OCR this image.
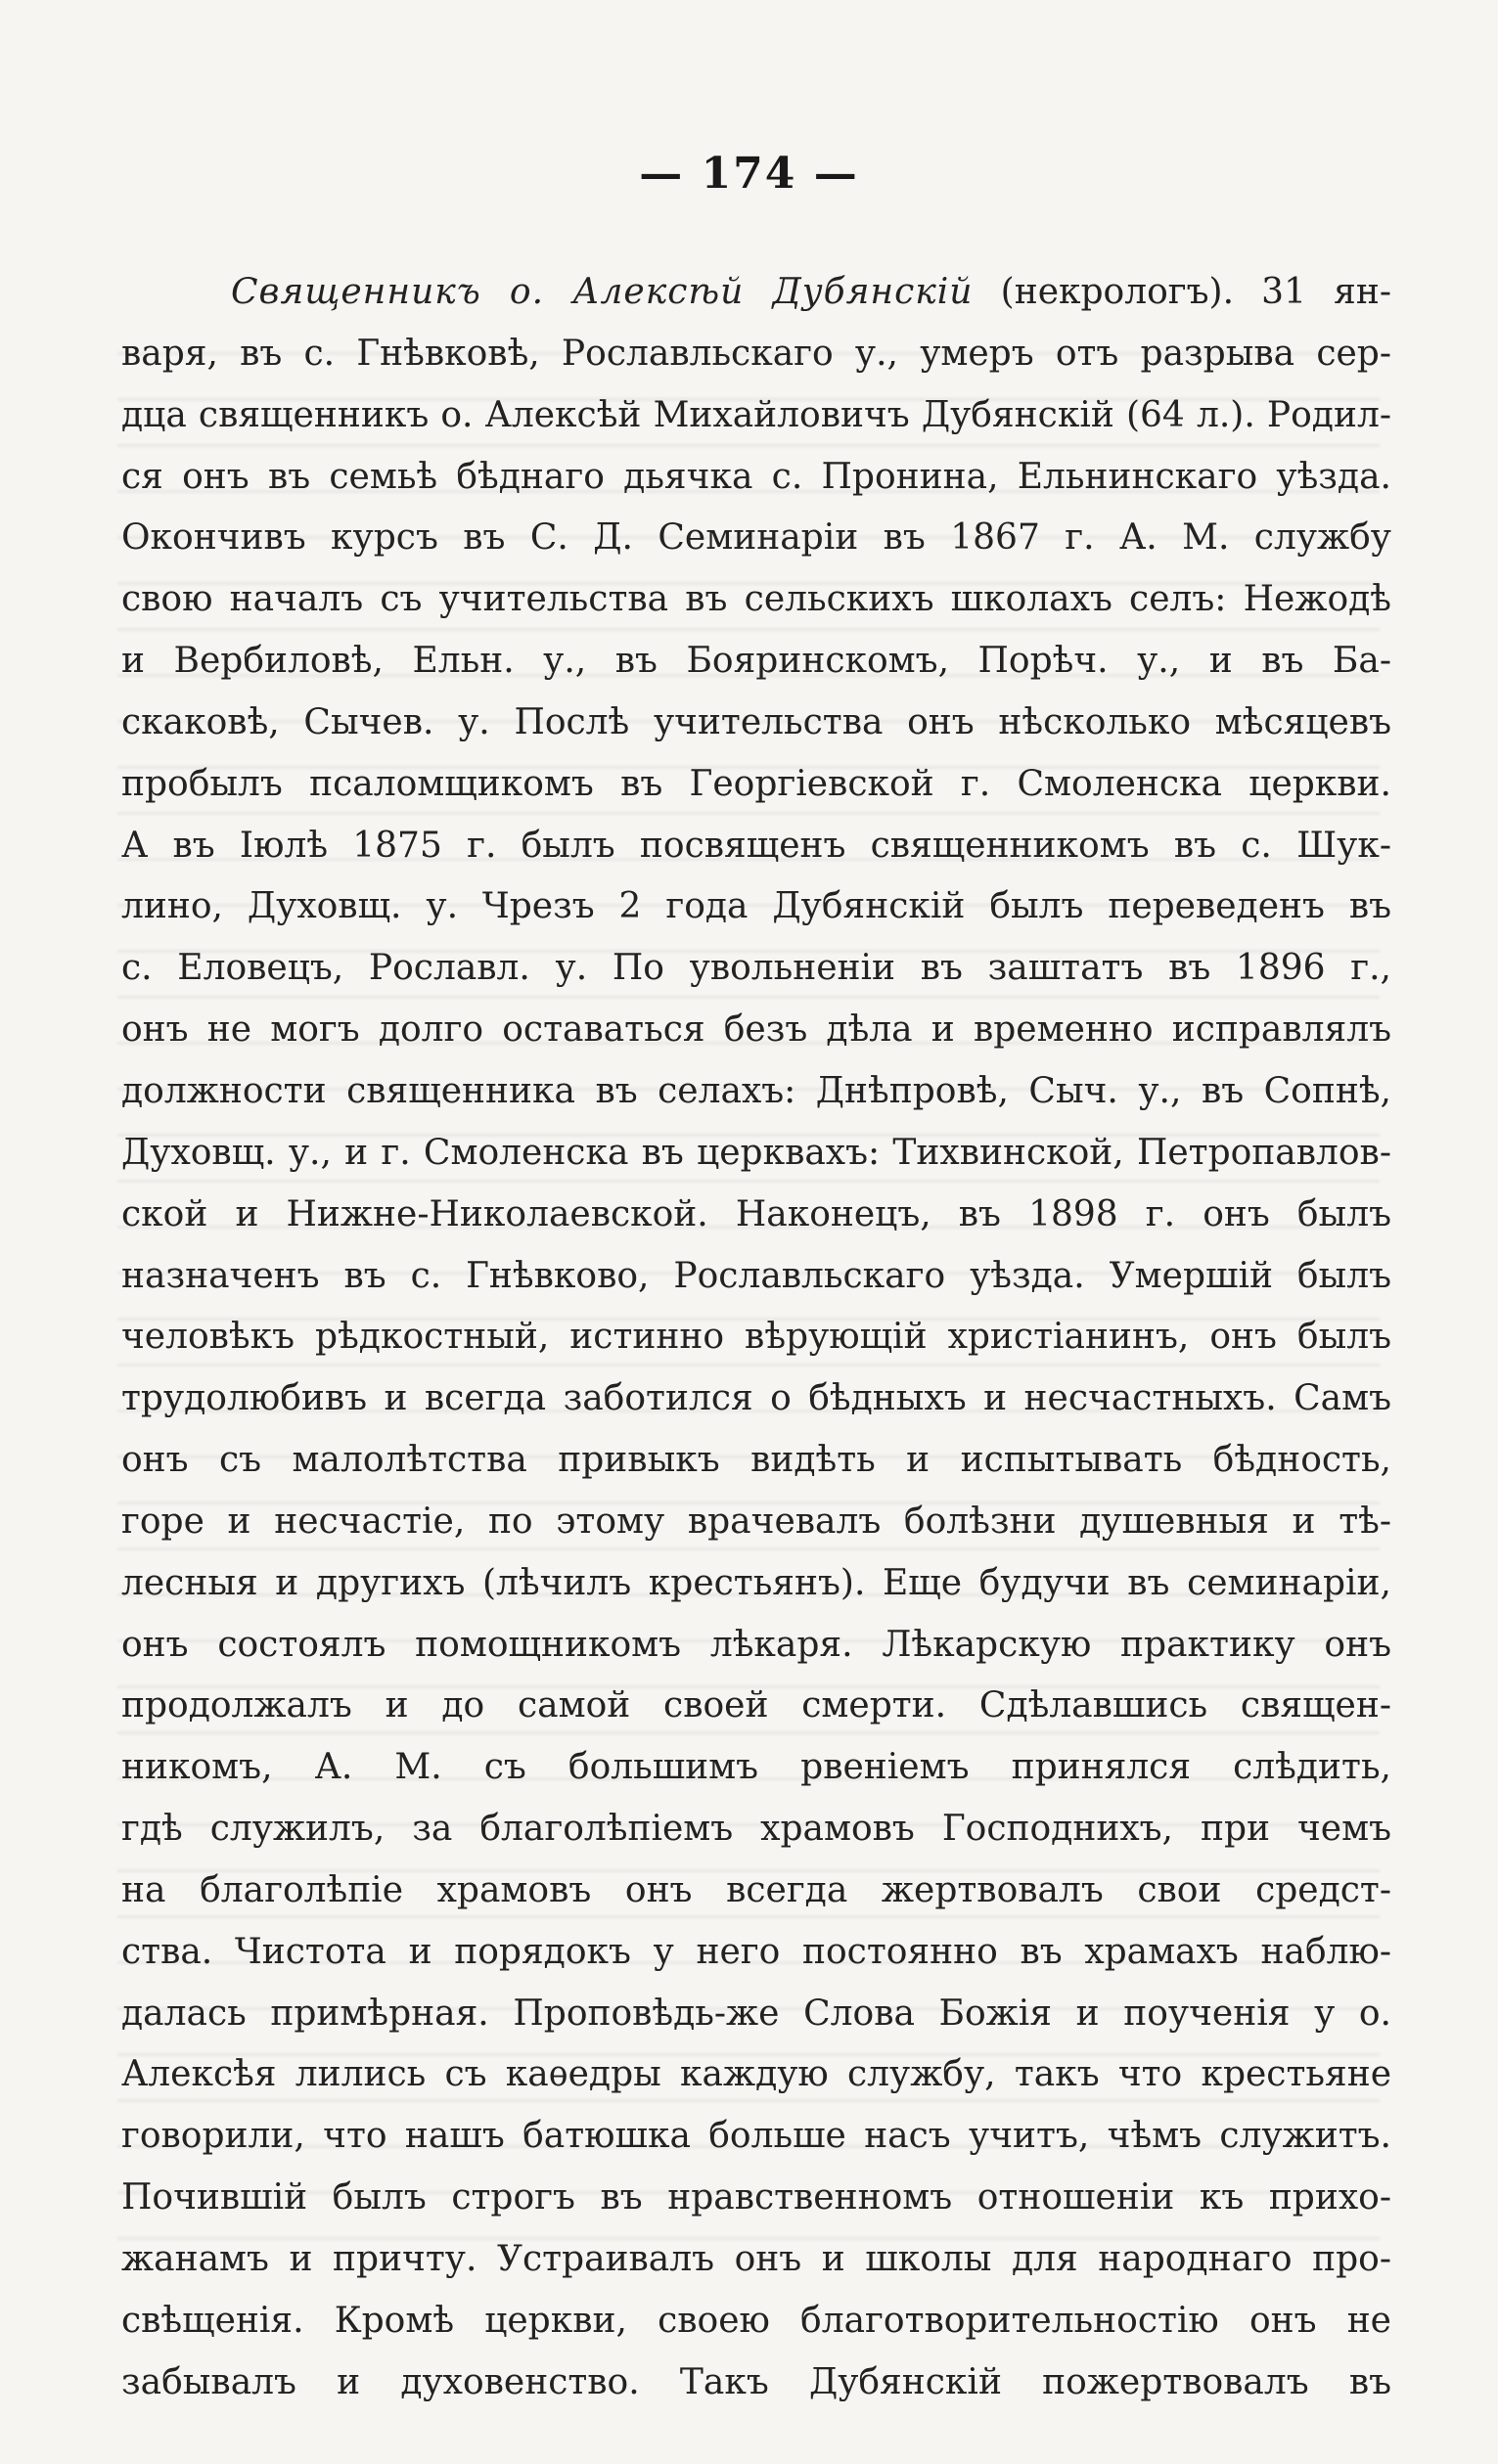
— 174 —
Священникъ о. Алексѣй Дубянскій (некрологъ). 31 ян-
варя, въ с. Гнѣвковѣ, Рославльскаго у., умеръ отъ разрыва сер-
дца священникъ о. Алексѣй Михайловичъ Дубянскій (64 л.). Родил-
ся онъ въ семьѣ бѣднаго дьячка с. Пронина, Ельнинскаго уѣзда.
Окончивъ курсъ въ С. Д. Семинаріи въ 1867 г. А. М. службу
свою началъ съ учительства въ сельскихъ школахъ селъ: Нежодѣ
и Вербиловѣ, Ельн. у., въ Бояринскомъ, Порѣч. у., и въ Ба-
скаковѣ, Сычев. у. Послѣ учительства онъ нѣсколько мѣсяцевъ
пробылъ псаломщикомъ въ Георгіевской г. Смоленска церкви.
А въ Іюлѣ 1875 г. былъ посвященъ священникомъ въ с. Шук-
лино, Духовщ. у. Чрезъ 2 года Дубянскій былъ переведенъ въ
с. Еловецъ, Рославл. у. По увольненіи въ заштатъ въ 1896 г.,
онъ не могъ долго оставаться безъ дѣла и временно исправлялъ
должности священника въ селахъ: Днѣпровѣ, Сыч. у., въ Сопнѣ,
Духовщ. у., и г. Смоленска въ церквахъ: Тихвинской, Петропавлов-
ской и Нижне-Николаевской. Наконецъ, въ 1898 г. онъ былъ
назначенъ въ с. Гнѣвково, Рославльскаго уѣзда. Умершій былъ
человѣкъ рѣдкостный, истинно вѣрующій христіанинъ, онъ былъ
трудолюбивъ и всегда заботился о бѣдныхъ и несчастныхъ. Самъ
онъ съ малолѣтства привыкъ видѣть и испытывать бѣдность,
горе и несчастіе, по этому врачевалъ болѣзни душевныя и тѣ-
лесныя и другихъ (лѣчилъ крестьянъ). Еще будучи въ семинаріи,
онъ состоялъ помощникомъ лѣкаря. Лѣкарскую практику онъ
продолжалъ и до самой своей смерти. Сдѣлавшись священ-
никомъ, А. М. съ большимъ рвеніемъ принялся слѣдить,
гдѣ служилъ, за благолѣпіемъ храмовъ Господнихъ, при чемъ
на благолѣпіе храмовъ онъ всегда жертвовалъ свои средст-
ства. Чистота и порядокъ у него постоянно въ храмахъ наблю-
далась примѣрная. Проповѣдь-же Слова Божія и поученія у о.
Алексѣя лились съ каѳедры каждую службу, такъ что крестьяне
говорили, что нашъ батюшка больше насъ учитъ, чѣмъ служитъ.
Почившій былъ строгъ въ нравственномъ отношеніи къ прихо-
жанамъ и причту. Устраивалъ онъ и школы для народнаго про-
свѣщенія. Кромѣ церкви, своею благотворительностію онъ не
забывалъ и духовенство. Такъ Дубянскій пожертвовалъ въ
